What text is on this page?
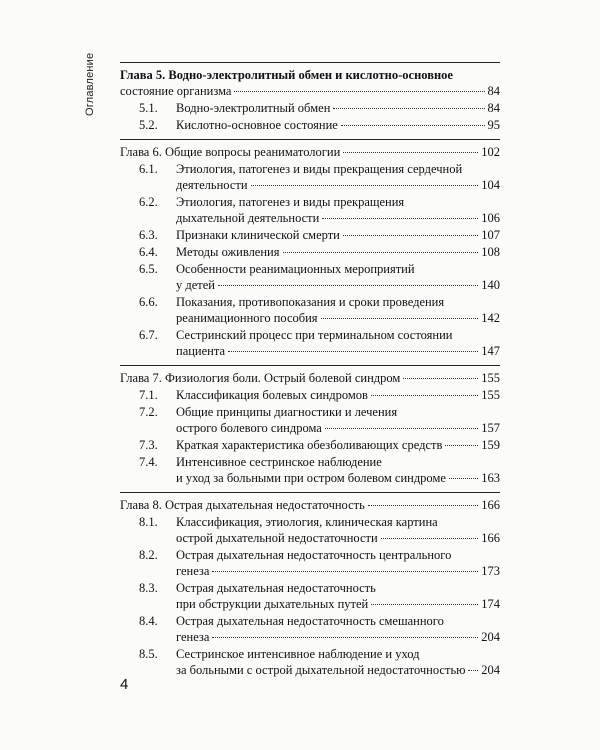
Оглавление Глава 5. Водно-электролитный обмен и кислотно-основное
состояние организма	84
5.1.	Водно-электролитный обмен	84
5.2.	Кислотно-основное состояние	95
Глава 6. Общие вопросы реаниматологии	102
6.1.	Этиология, патогенез и виды прекращения сердечной
деятельности	104
6.2.	Этиология, патогенез и виды прекращения
дыхательной деятельности	106
6.3.	Признаки клинической смерти	107
6.4.	Методы оживления	108
6.5.	Особенности реанимационных мероприятий
у детей	140
6.6.	Показания, противопоказания и сроки проведения
реанимационного пособия	142
6.7.	Сестринский процесс при терминальном состоянии
пациента	147
Глава 7. Физиология боли. Острый болевой синдром	155
7.1.	Классификация болевых синдромов	155
7.2.	Общие принципы диагностики и лечения
острого болевого синдрома	157
7.3.	Краткая характеристика обезболивающих средств	159
7.4.	Интенсивное сестринское наблюдение
и уход за больными при остром болевом синдроме	163
Глава 8. Острая дыхательная недостаточность	166
8.1.	Классификация, этиология, клиническая картина
острой дыхательной недостаточности	166
8.2.	Острая дыхательная недостаточность центрального
генеза	173
8.3.	Острая дыхательная недостаточность
при обструкции дыхательных путей	174
8.4.	Острая дыхательная недостаточность смешанного
генеза	204
8.5.	Сестринское интенсивное наблюдение и уход
за больными с острой дыхательной недостаточностью 204
4
